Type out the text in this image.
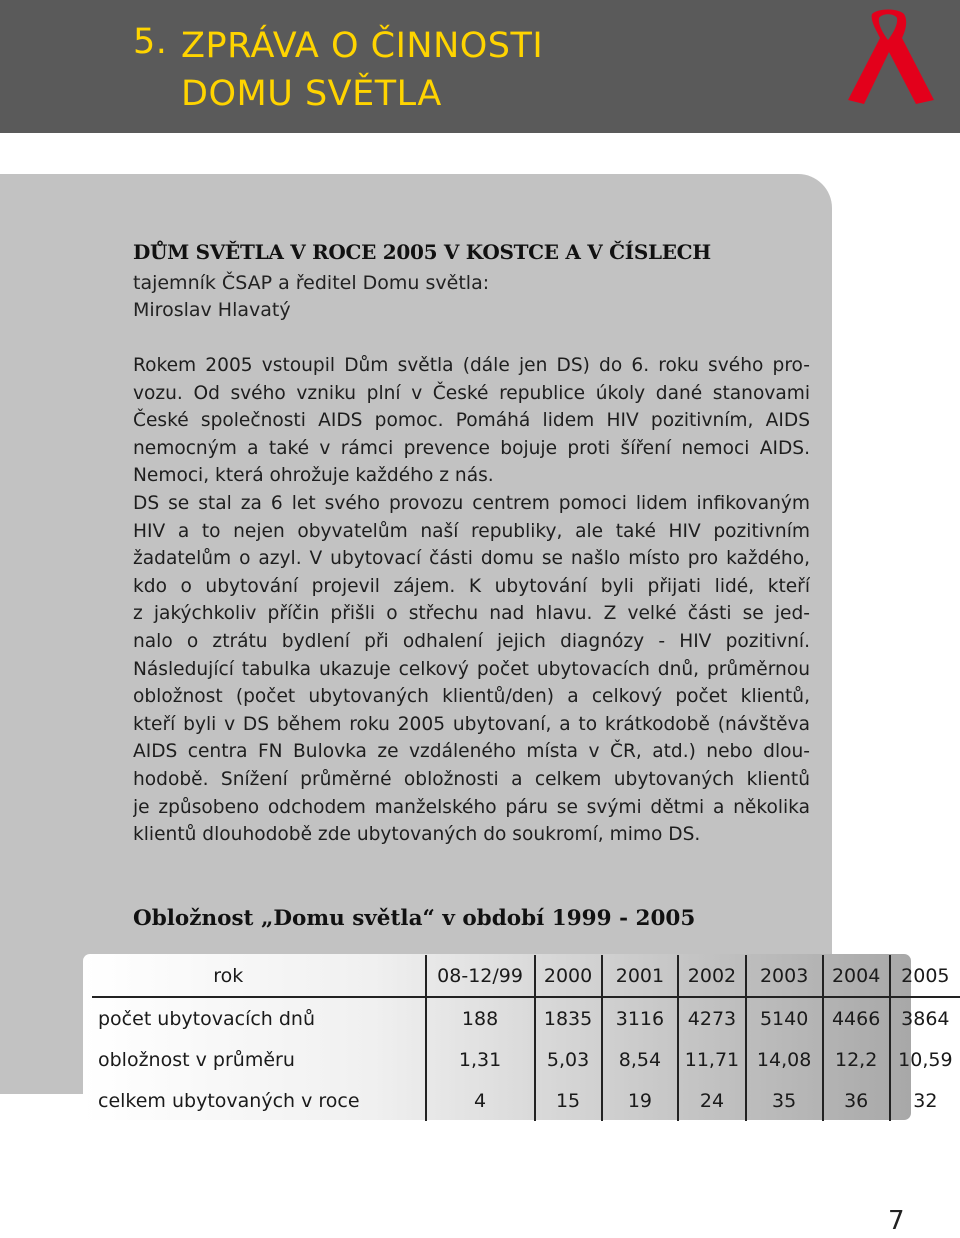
5. ZPRÁVA O ČINNOSTI
DOMU SVĚTLA
DŮM SVĚTLA V ROCE 2005 V KOSTCE A V ČÍSLECH
tajemník ČSAP a ředitel Domu světla:
Miroslav Hlavatý
Rokem 2005 vstoupil Dům světla (dále jen DS) do 6. roku svého pro-
vozu. Od svého vzniku plní v České republice úkoly dané stanovami
České společnosti AIDS pomoc. Pomáhá lidem HIV pozitivním, AIDS
nemocným a také v rámci prevence bojuje proti šíření nemoci AIDS.
Nemoci, která ohrožuje každého z nás.
DS se stal za 6 let svého provozu centrem pomoci lidem infikovaným
HIV a to nejen obyvatelům naší republiky, ale také HIV pozitivním
žadatelům o azyl. V ubytovací části domu se našlo místo pro každého,
kdo o ubytování projevil zájem. K ubytování byli přijati lidé, kteří
z jakýchkoliv příčin přišli o střechu nad hlavu. Z velké části se jed-
nalo o ztrátu bydlení při odhalení jejich diagnózy - HIV pozitivní.
Následující tabulka ukazuje celkový počet ubytovacích dnů, průměrnou
obložnost (počet ubytovaných klientů/den) a celkový počet klientů,
kteří byli v DS během roku 2005 ubytovaní, a to krátkodobě (návštěva
AIDS centra FN Bulovka ze vzdáleného místa v ČR, atd.) nebo dlou-
hodobě. Snížení průměrné obložnosti a celkem ubytovaných klientů
je způsobeno odchodem manželského páru se svými dětmi a několika
klientů dlouhodobě zde ubytovaných do soukromí, mimo DS.
Obložnost „Domu světla“ v období 1999 - 2005
rok	08-12/99	2000	2001	2002	2003	2004	2005
počet ubytovacích dnů	188	1835	3116	4273	5140	4466	3864
obložnost v průměru	1,31	5,03	8,54	11,71	14,08	12,2	10,59
celkem ubytovaných v roce	4	15	19	24	35	36	32
7
